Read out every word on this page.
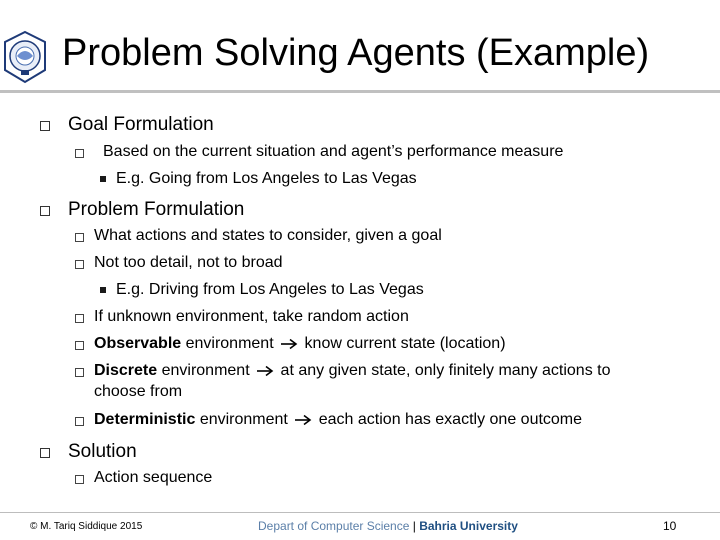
Problem Solving Agents (Example)
Goal Formulation
Based on the current situation and agent’s performance measure
E.g. Going from Los Angeles to Las Vegas
Problem Formulation
What actions and states to consider, given a goal
Not too detail, not to broad
E.g. Driving from Los Angeles to Las Vegas
If unknown environment, take random action
Observable environment  know current state (location)
Discrete environment  at any given state, only finitely many actions to
choose from
Deterministic environment  each action has exactly one outcome
Solution
Action sequence
© M. Tariq Siddique 2015	Depart of Computer Science | Bahria University	10
